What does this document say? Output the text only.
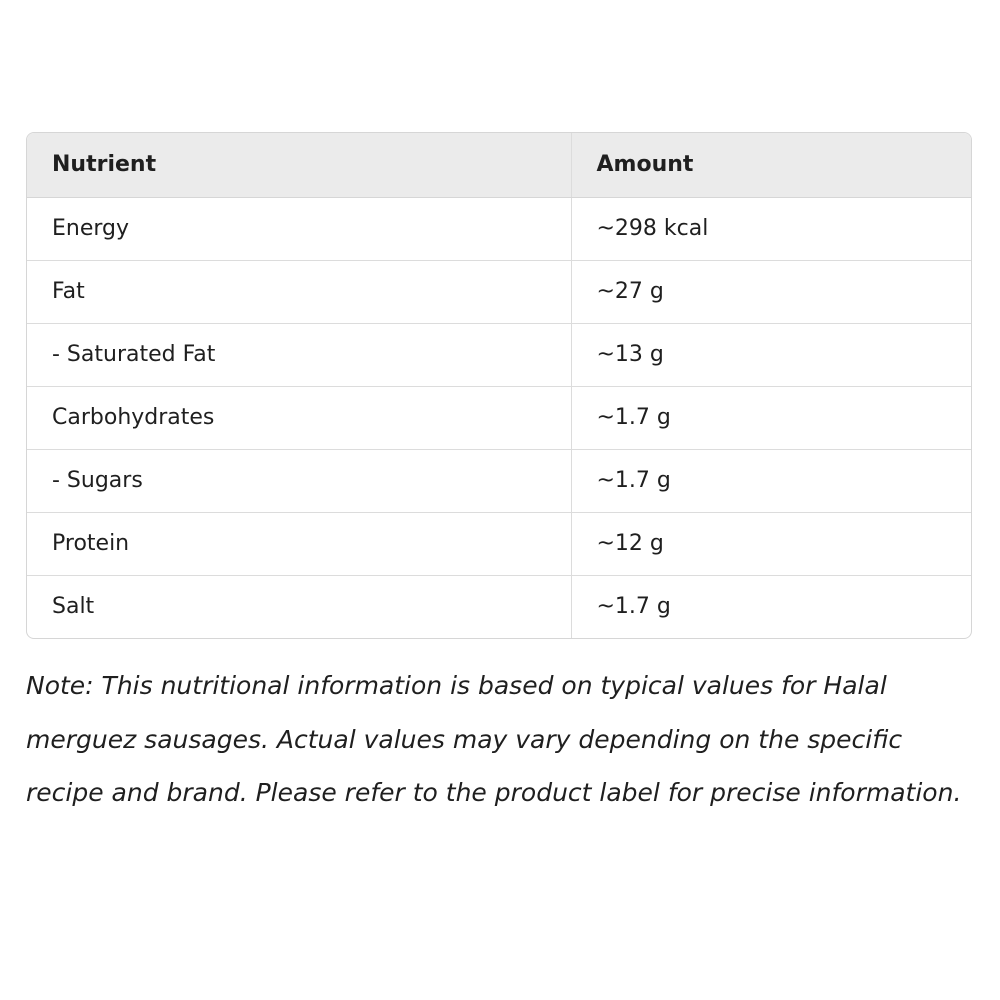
Nutrient	Amount
Energy	~298 kcal
Fat	~27 g
- Saturated Fat	~13 g
Carbohydrates	~1.7 g
- Sugars	~1.7 g
Protein	~12 g
Salt	~1.7 g

Note: This nutritional information is based on typical values for Halal merguez sausages. Actual values may vary depending on the specific recipe and brand. Please refer to the product label for precise information.
